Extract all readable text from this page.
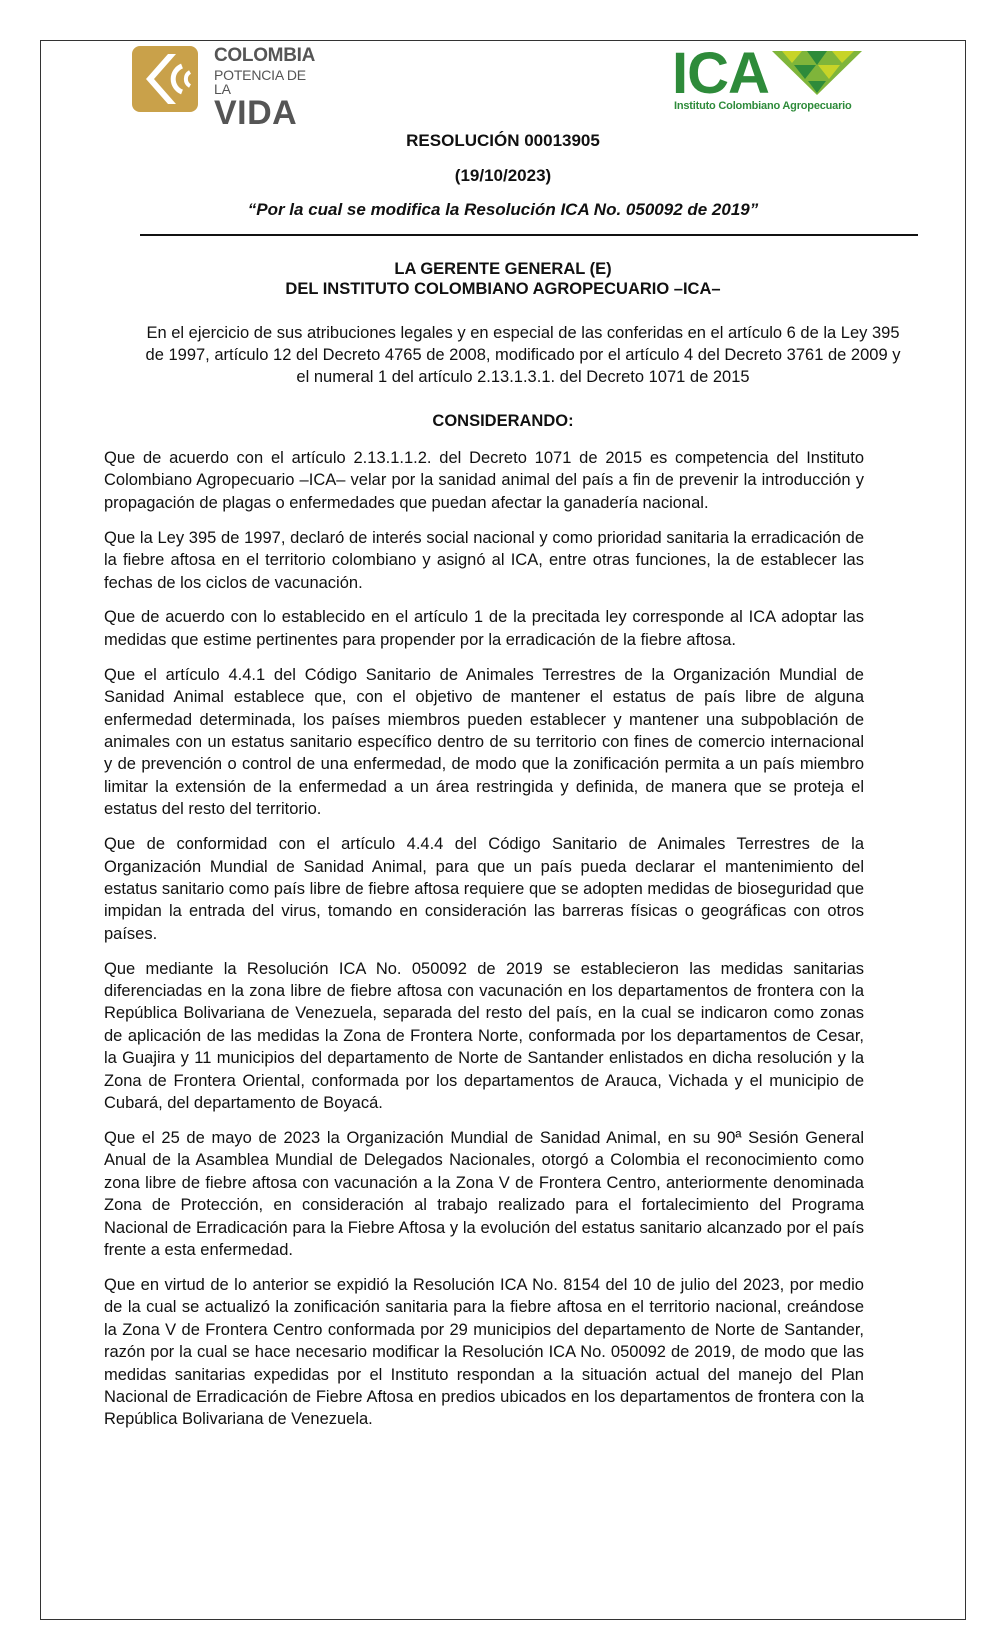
COLOMBIA
POTENCIA DE LA
VIDA
ICA
Instituto Colombiano Agropecuario
RESOLUCIÓN 00013905
(19/10/2023)
“Por la cual se modifica la Resolución ICA No. 050092 de 2019”
LA GERENTE GENERAL (E)
DEL INSTITUTO COLOMBIANO AGROPECUARIO –ICA–
En el ejercicio de sus atribuciones legales y en especial de las conferidas en el artículo 6 de la Ley 395 de 1997, artículo 12 del Decreto 4765 de 2008, modificado por el artículo 4 del Decreto 3761 de 2009 y el numeral 1 del artículo 2.13.1.3.1. del Decreto 1071 de 2015
CONSIDERANDO:

Que de acuerdo con el artículo 2.13.1.1.2. del Decreto 1071 de 2015 es competencia del Instituto Colombiano Agropecuario –ICA– velar por la sanidad animal del país a fin de prevenir la introducción y propagación de plagas o enfermedades que puedan afectar la ganadería nacional.

Que la Ley 395 de 1997, declaró de interés social nacional y como prioridad sanitaria la erradicación de la fiebre aftosa en el territorio colombiano y asignó al ICA, entre otras funciones, la de establecer las fechas de los ciclos de vacunación.

Que de acuerdo con lo establecido en el artículo 1 de la precitada ley corresponde al ICA adoptar las medidas que estime pertinentes para propender por la erradicación de la fiebre aftosa.

Que el artículo 4.4.1 del Código Sanitario de Animales Terrestres de la Organización Mundial de Sanidad Animal establece que, con el objetivo de mantener el estatus de país libre de alguna enfermedad determinada, los países miembros pueden establecer y mantener una subpoblación de animales con un estatus sanitario específico dentro de su territorio con fines de comercio internacional y de prevención o control de una enfermedad, de modo que la zonificación permita a un país miembro limitar la extensión de la enfermedad a un área restringida y definida, de manera que se proteja el estatus del resto del territorio.

Que de conformidad con el artículo 4.4.4 del Código Sanitario de Animales Terrestres de la Organización Mundial de Sanidad Animal, para que un país pueda declarar el mantenimiento del estatus sanitario como país libre de fiebre aftosa requiere que se adopten medidas de bioseguridad que impidan la entrada del virus, tomando en consideración las barreras físicas o geográficas con otros países.

Que mediante la Resolución ICA No. 050092 de 2019 se establecieron las medidas sanitarias diferenciadas en la zona libre de fiebre aftosa con vacunación en los departamentos de frontera con la República Bolivariana de Venezuela, separada del resto del país, en la cual se indicaron como zonas de aplicación de las medidas la Zona de Frontera Norte, conformada por los departamentos de Cesar, la Guajira y 11 municipios del departamento de Norte de Santander enlistados en dicha resolución y la Zona de Frontera Oriental, conformada por los departamentos de Arauca, Vichada y el municipio de Cubará, del departamento de Boyacá.

Que el 25 de mayo de 2023 la Organización Mundial de Sanidad Animal, en su 90ª Sesión General Anual de la Asamblea Mundial de Delegados Nacionales, otorgó a Colombia el reconocimiento como zona libre de fiebre aftosa con vacunación a la Zona V de Frontera Centro, anteriormente denominada Zona de Protección, en consideración al trabajo realizado para el fortalecimiento del Programa Nacional de Erradicación para la Fiebre Aftosa y la evolución del estatus sanitario alcanzado por el país frente a esta enfermedad.

Que en virtud de lo anterior se expidió la Resolución ICA No. 8154 del 10 de julio del 2023, por medio de la cual se actualizó la zonificación sanitaria para la fiebre aftosa en el territorio nacional, creándose la Zona V de Frontera Centro conformada por 29 municipios del departamento de Norte de Santander, razón por la cual se hace necesario modificar la Resolución ICA No. 050092 de 2019, de modo que las medidas sanitarias expedidas por el Instituto respondan a la situación actual del manejo del Plan Nacional de Erradicación de Fiebre Aftosa en predios ubicados en los departamentos de frontera con la República Bolivariana de Venezuela.
